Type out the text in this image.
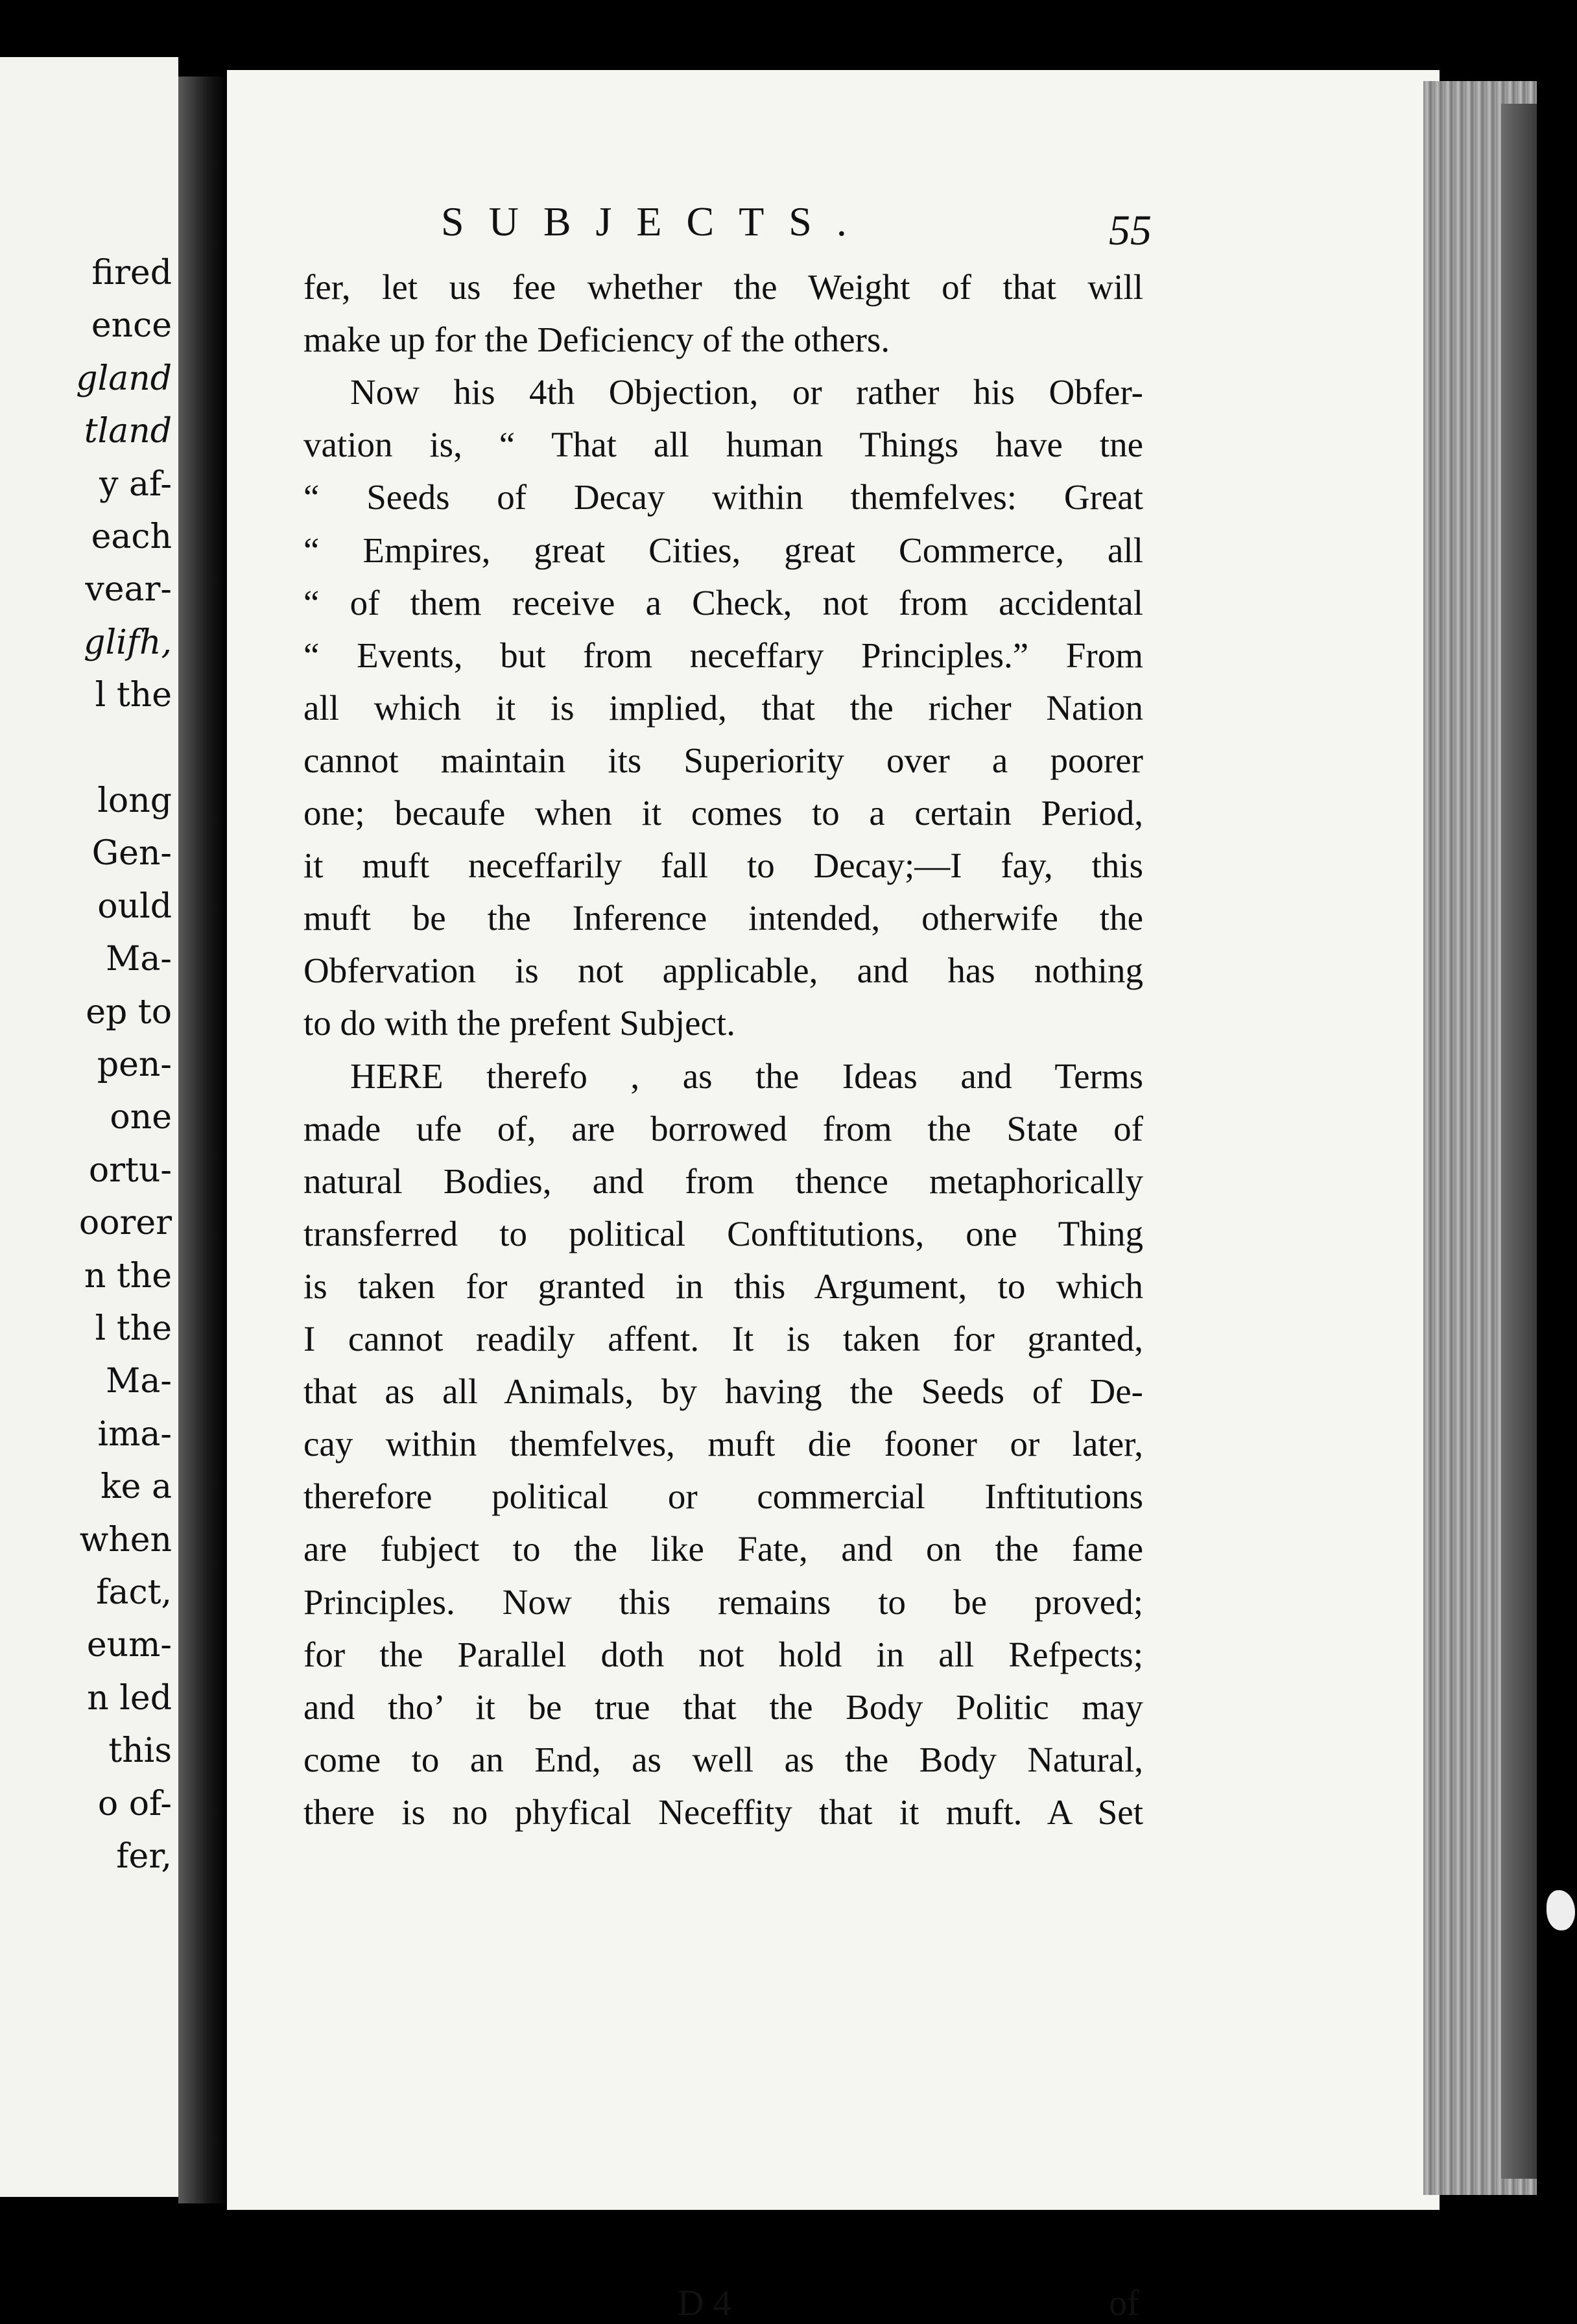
fired
ence
gland
tland
y af-
each
vear-
glifh,
l the
long
Gen-
ould
Ma-
ep to
pen-
one
ortu-
oorer
n the
l the
Ma-
ima-
ke a
when
fact,
eum-
n led
this
o of-
fer,
SUBJECTS.	55
fer, let us fee whether the Weight of that will
make up for the Deficiency of the others.
Now his 4th Objection, or rather his Obfer-
vation is, “ That all human Things have tne
“ Seeds of Decay within themfelves: Great
“ Empires, great Cities, great Commerce, all
“ of them receive a Check, not from accidental
“ Events, but from neceffary Principles.” From
all which it is implied, that the richer Nation
cannot maintain its Superiority over a poorer
one; becaufe when it comes to a certain Period,
it muft neceffarily fall to Decay;—I fay, this
muft be the Inference intended, otherwife the
Obfervation is not applicable, and has nothing
to do with the prefent Subject.
HERE therefo , as the Ideas and Terms
made ufe of, are borrowed from the State of
natural Bodies, and from thence metaphorically
transferred to political Conftitutions, one Thing
is taken for granted in this Argument, to which
I cannot readily affent. It is taken for granted,
that as all Animals, by having the Seeds of De-
cay within themfelves, muft die fooner or later,
therefore political or commercial Inftitutions
are fubject to the like Fate, and on the fame
Principles. Now this remains to be proved;
for the Parallel doth not hold in all Refpects;
and tho’ it be true that the Body Politic may
come to an End, as well as the Body Natural,
there is no phyfical Neceffity that it muft. A Set
D 4	of
